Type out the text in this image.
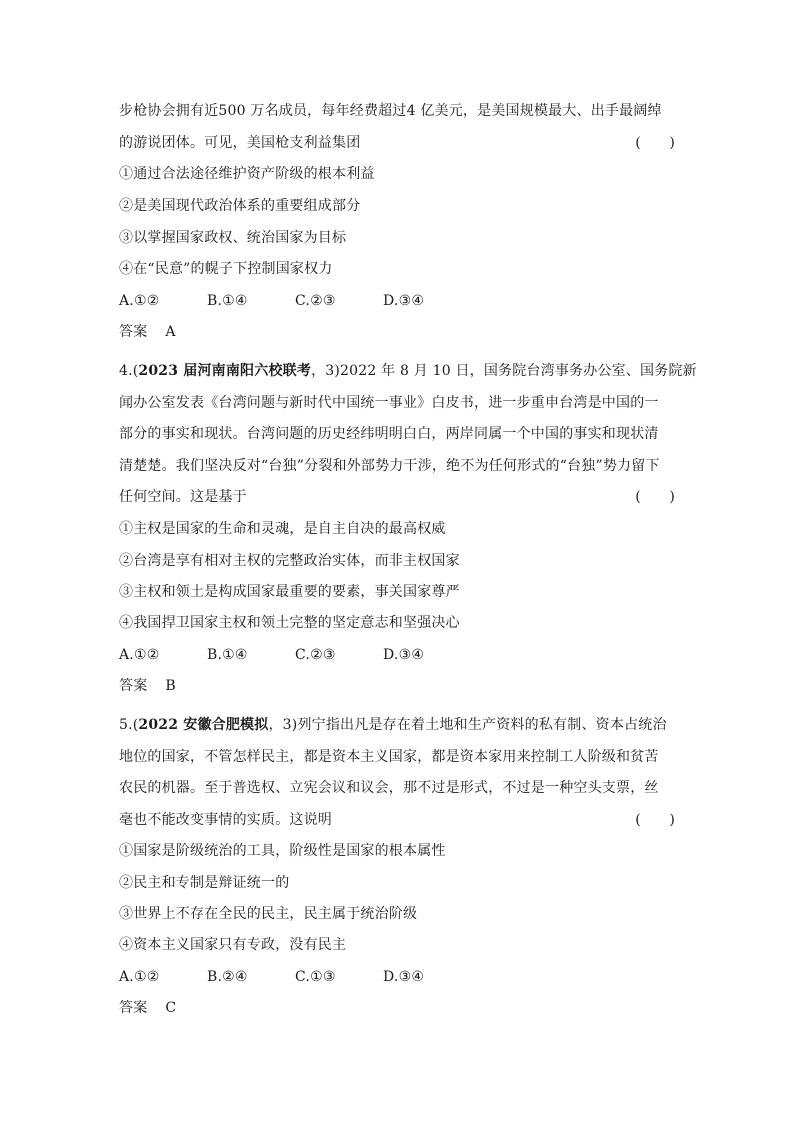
步枪协会拥有近500 万名成员，每年经费超过4 亿美元，是美国规模最大、出手最阔绰
的游说团体。可见，美国枪支利益集团	(　　)
①通过合法途径维护资产阶级的根本利益
②是美国现代政治体系的重要组成部分
③以掌握国家政权、统治国家为目标
④在“民意”的幌子下控制国家权力
A.①②	B.①④	C.②③	D.③④
答案 A
4.(2023 届河南南阳六校联考，3)2022 年 8 月 10 日，国务院台湾事务办公室、国务院新
闻办公室发表《台湾问题与新时代中国统一事业》白皮书，进一步重申台湾是中国的一
部分的事实和现状。台湾问题的历史经纬明明白白，两岸同属一个中国的事实和现状清
清楚楚。我们坚决反对“台独”分裂和外部势力干涉，绝不为任何形式的“台独”势力留下
任何空间。这是基于	(　　)
①主权是国家的生命和灵魂，是自主自决的最高权威
②台湾是享有相对主权的完整政治实体，而非主权国家
③主权和领土是构成国家最重要的要素，事关国家尊严
④我国捍卫国家主权和领土完整的坚定意志和坚强决心
A.①②	B.①④	C.②③	D.③④
答案 B
5.(2022 安徽合肥模拟，3)列宁指出凡是存在着土地和生产资料的私有制、资本占统治
地位的国家，不管怎样民主，都是资本主义国家，都是资本家用来控制工人阶级和贫苦
农民的机器。至于普选权、立宪会议和议会，那不过是形式，不过是一种空头支票，丝
毫也不能改变事情的实质。这说明	(　　)
①国家是阶级统治的工具，阶级性是国家的根本属性
②民主和专制是辩证统一的
③世界上不存在全民的民主，民主属于统治阶级
④资本主义国家只有专政，没有民主
A.①②	B.②④	C.①③	D.③④
答案 C
